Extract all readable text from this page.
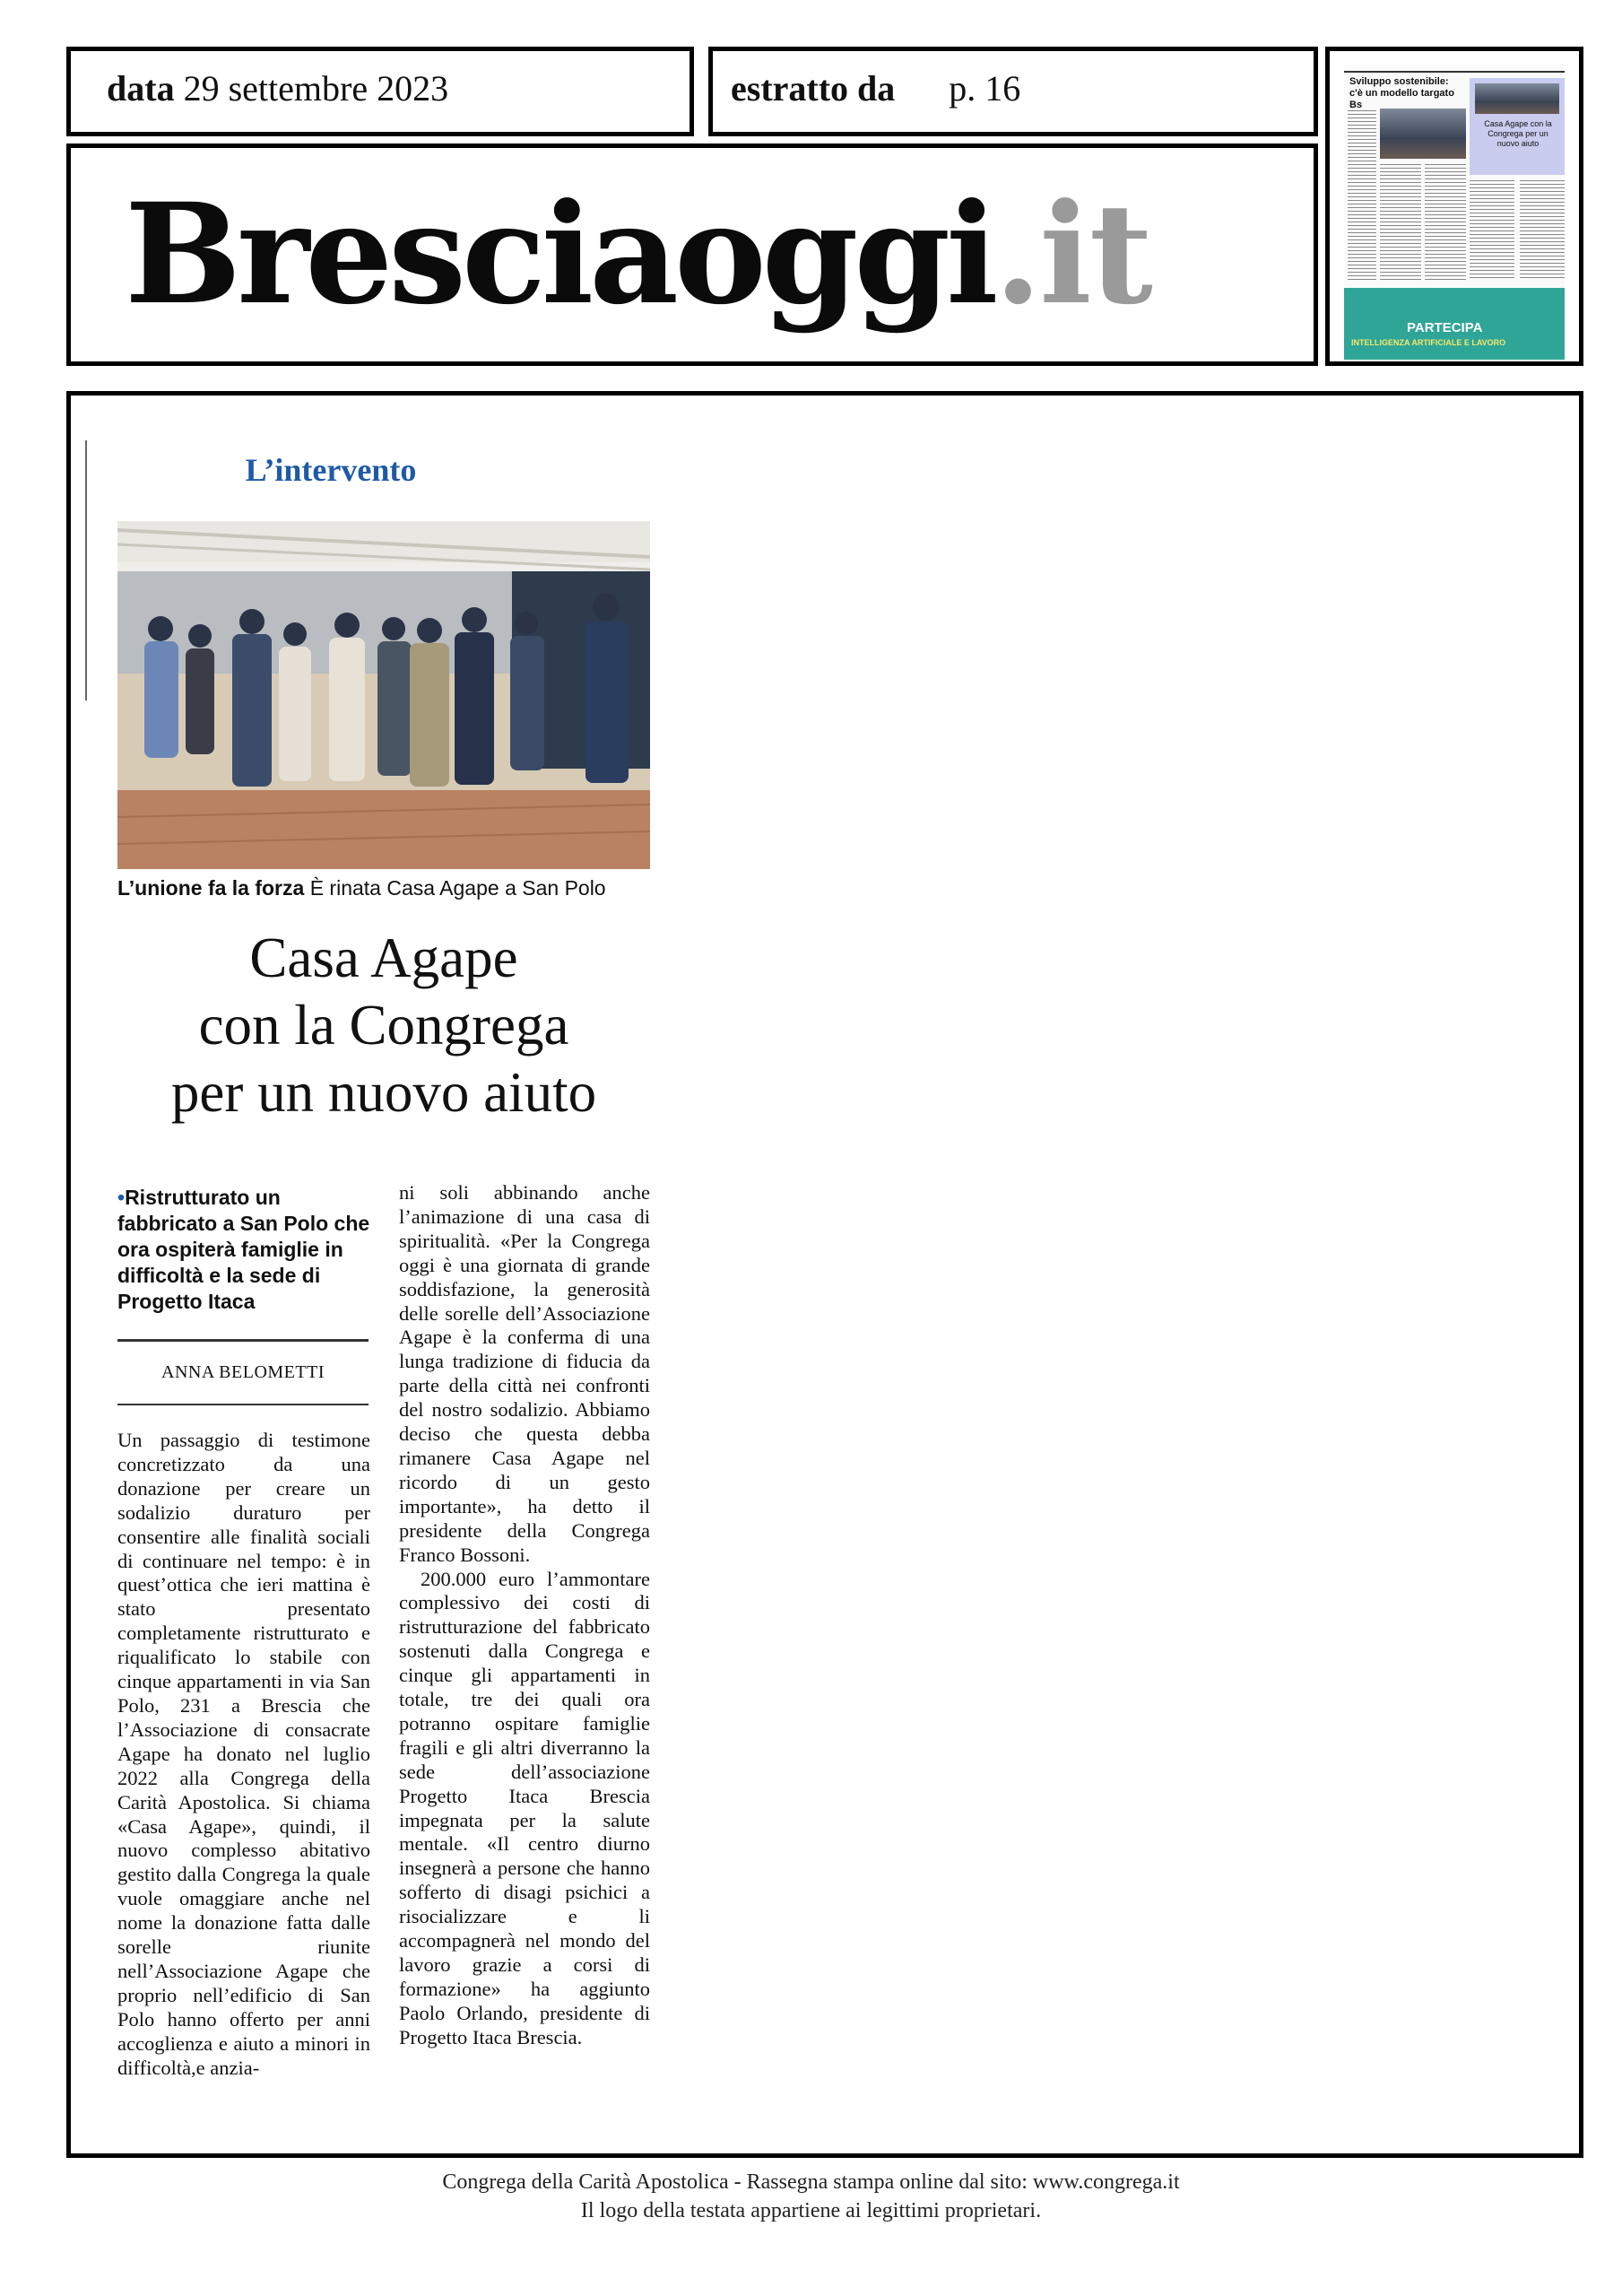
data 29 settembre 2023	estratto da p. 16
Bresciaoggi.it
Sviluppo sostenibile: c'è un modello targato Bs
Casa Agape con la Congrega per un nuovo aiuto
PARTECIPA
INTELLIGENZA ARTIFICIALE E LAVORO
L’intervento
L’unione fa la forza È rinata Casa Agape a San Polo
Casa Agape
con la Congrega
per un nuovo aiuto
•Ristrutturato un fabbricato a San Polo che ora ospiterà famiglie in difficoltà e la sede di Progetto Itaca
ANNA BELOMETTI

Un passaggio di testimone concretizzato da una donazione per creare un sodalizio duraturo per consentire alle finalità sociali di continuare nel tempo: è in quest’ottica che ieri mattina è stato presentato completamente ristrutturato e riqualificato lo stabile con cinque appartamenti in via San Polo, 231 a Brescia che l’Associazione di consacrate Agape ha donato nel luglio 2022 alla Congrega della Carità Apostolica. Si chiama «Casa Agape», quindi, il nuovo complesso abitativo gestito dalla Congrega la quale vuole omaggiare anche nel nome la donazione fatta dalle sorelle riunite nell’Associazione Agape che proprio nell’edificio di San Polo hanno offerto per anni accoglienza e aiuto a minori in difficoltà,e anzia-

ni soli abbinando anche l’animazione di una casa di spiritualità. «Per la Congrega oggi è una giornata di grande soddisfazione, la generosità delle sorelle dell’Associazione Agape è la conferma di una lunga tradizione di fiducia da parte della città nei confronti del nostro sodalizio. Abbiamo deciso che questa debba rimanere Casa Agape nel ricordo di un gesto importante», ha detto il presidente della Congrega Franco Bossoni.

200.000 euro l’ammontare complessivo dei costi di ristrutturazione del fabbricato sostenuti dalla Congrega e cinque gli appartamenti in totale, tre dei quali ora potranno ospitare famiglie fragili e gli altri diverranno la sede dell’associazione Progetto Itaca Brescia impegnata per la salute mentale. «Il centro diurno insegnerà a persone che hanno sofferto di disagi psichici a risocializzare e li accompagnerà nel mondo del lavoro grazie a corsi di formazione» ha aggiunto Paolo Orlando, presidente di Progetto Itaca Brescia.

Congrega della Carità Apostolica - Rassegna stampa online dal sito: www.congrega.it
Il logo della testata appartiene ai legittimi proprietari.
